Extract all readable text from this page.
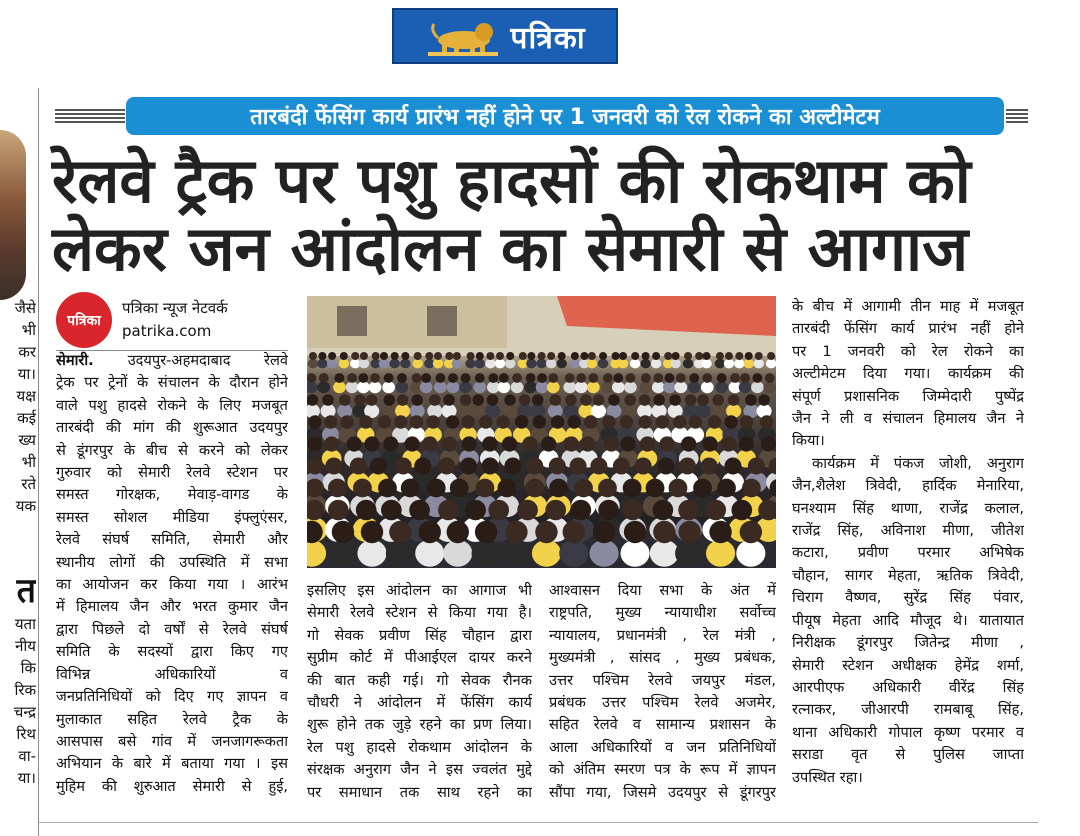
पत्रिका
जैसे
भी
कर
या।
यक्ष
कई
ख्य
भी
रते
यक
त
यता
नीय
कि
रिक
चन्द्र
रिथ
वा-
या।
तारबंदी फेंसिंग कार्य प्रारंभ नहीं होने पर 1 जनवरी को रेल रोकने का अल्टीमेटम
रेलवे ट्रैक पर पशु हादसों की रोकथाम को
लेकर जन आंदोलन का सेमारी से आगाज
पत्रिका
पत्रिका न्यूज नेटवर्क
patrika.com
सेमारी. उदयपुर-अहमदाबाद रेलवे
ट्रेक पर ट्रेनों के संचालन के दौरान होने
वाले पशु हादसे रोकने के लिए मजबूत
तारबंदी की मांग की शुरूआत उदयपुर
से डूंगरपुर के बीच से करने को लेकर
गुरुवार को सेमारी रेलवे स्टेशन पर
समस्त गोरक्षक, मेवाड़-वागड के
समस्त सोशल मीडिया इंफ्लुएंसर,
रेलवे संघर्ष समिति, सेमारी और
स्थानीय लोगों की उपस्थिति में सभा
का आयोजन कर किया गया । आरंभ
में हिमालय जैन और भरत कुमार जैन
द्वारा पिछले दो वर्षों से रेलवे संघर्ष
समिति के सदस्यों द्वारा किए गए
विभिन्न अधिकारियों व
जनप्रतिनिधियों को दिए गए ज्ञापन व
मुलाकात सहित रेलवे ट्रैक के
आसपास बसे गांव में जनजागरूकता
अभियान के बारे में बताया गया । इस
मुहिम की शुरुआत सेमारी से हुई,
इसलिए इस आंदोलन का आगाज भी
सेमारी रेलवे स्टेशन से किया गया है।
गो सेवक प्रवीण सिंह चौहान द्वारा
सुप्रीम कोर्ट में पीआईएल दायर करने
की बात कही गई। गो सेवक रौनक
चौधरी ने आंदोलन में फेंसिंग कार्य
शुरू होने तक जुड़े रहने का प्रण लिया।
रेल पशु हादसे रोकथाम आंदोलन के
संरक्षक अनुराग जैन ने इस ज्वलंत मुद्दे
पर समाधान तक साथ रहने का
आश्वासन दिया सभा के अंत में
राष्ट्रपति, मुख्य न्यायाधीश सर्वोच्च
न्यायालय, प्रधानमंत्री , रेल मंत्री ,
मुख्यमंत्री , सांसद , मुख्य प्रबंधक,
उत्तर पश्चिम रेलवे जयपुर मंडल,
प्रबंधक उत्तर पश्चिम रेलवे अजमेर,
सहित रेलवे व सामान्य प्रशासन के
आला अधिकारियों व जन प्रतिनिधियों
को अंतिम स्मरण पत्र के रूप में ज्ञापन
सौंपा गया, जिसमे उदयपुर से डूंगरपुर
के बीच में आगामी तीन माह में मजबूत
तारबंदी फेंसिंग कार्य प्रारंभ नहीं होने
पर 1 जनवरी को रेल रोकने का
अल्टीमेटम दिया गया। कार्यक्रम की
संपूर्ण प्रशासनिक जिम्मेदारी पुष्पेंद्र
जैन ने ली व संचालन हिमालय जैन ने
किया।
कार्यक्रम में पंकज जोशी, अनुराग
जैन,शैलेश त्रिवेदी, हार्दिक मेनारिया,
घनश्याम सिंह थाणा, राजेंद्र कलाल,
राजेंद्र सिंह, अविनाश मीणा, जीतेश
कटारा, प्रवीण परमार अभिषेक
चौहान, सागर मेहता, ऋतिक त्रिवेदी,
चिराग वैष्णव, सुरेंद्र सिंह पंवार,
पीयूष मेहता आदि मौजूद थे। यातायात
निरीक्षक डूंगरपुर जितेन्द्र मीणा ,
सेमारी स्टेशन अधीक्षक हेमेंद्र शर्मा,
आरपीएफ अधिकारी वीरेंद्र सिंह
रत्नाकर, जीआरपी रामबाबू सिंह,
थाना अधिकारी गोपाल कृष्ण परमार व
सराडा वृत से पुलिस जाप्ता
उपस्थित रहा।
